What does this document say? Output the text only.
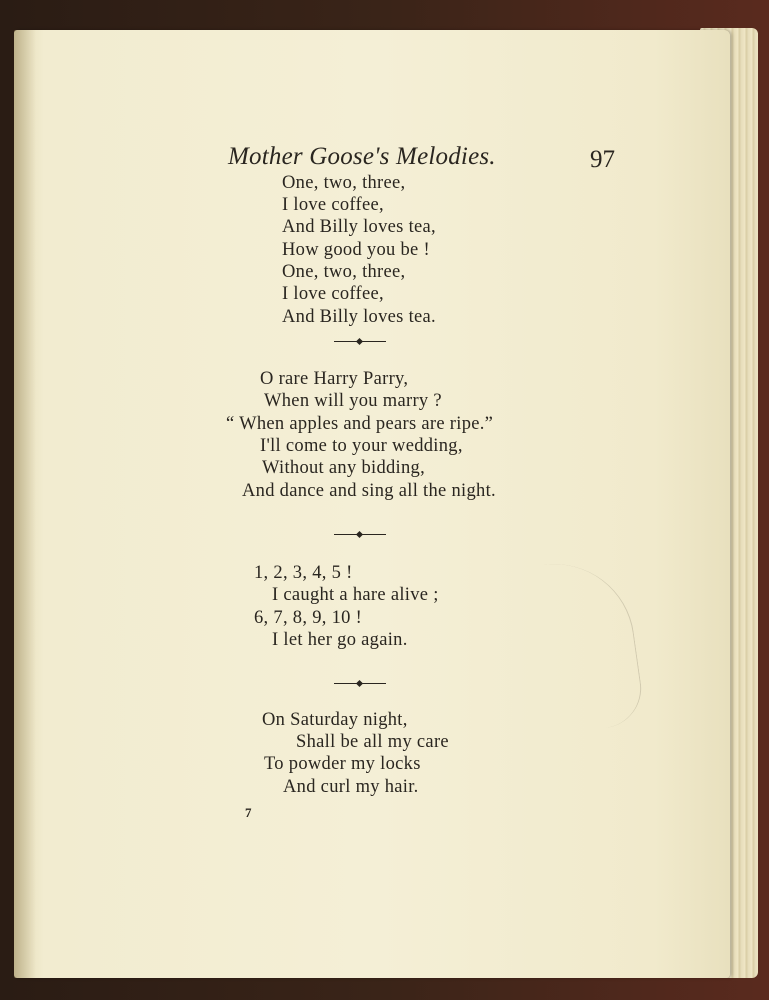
Mother Goose's Melodies.	97
One, two, three,
I love coffee,
And Billy loves tea,
How good you be !
One, two, three,
I love coffee,
And Billy loves tea.
O rare Harry Parry,
When will you marry ?
“ When apples and pears are ripe.”
I'll come to your wedding,
Without any bidding,
And dance and sing all the night.
1, 2, 3, 4, 5 !
I caught a hare alive ;
6, 7, 8, 9, 10 !
I let her go again.
On Saturday night,
Shall be all my care
To powder my locks
And curl my hair.
7
